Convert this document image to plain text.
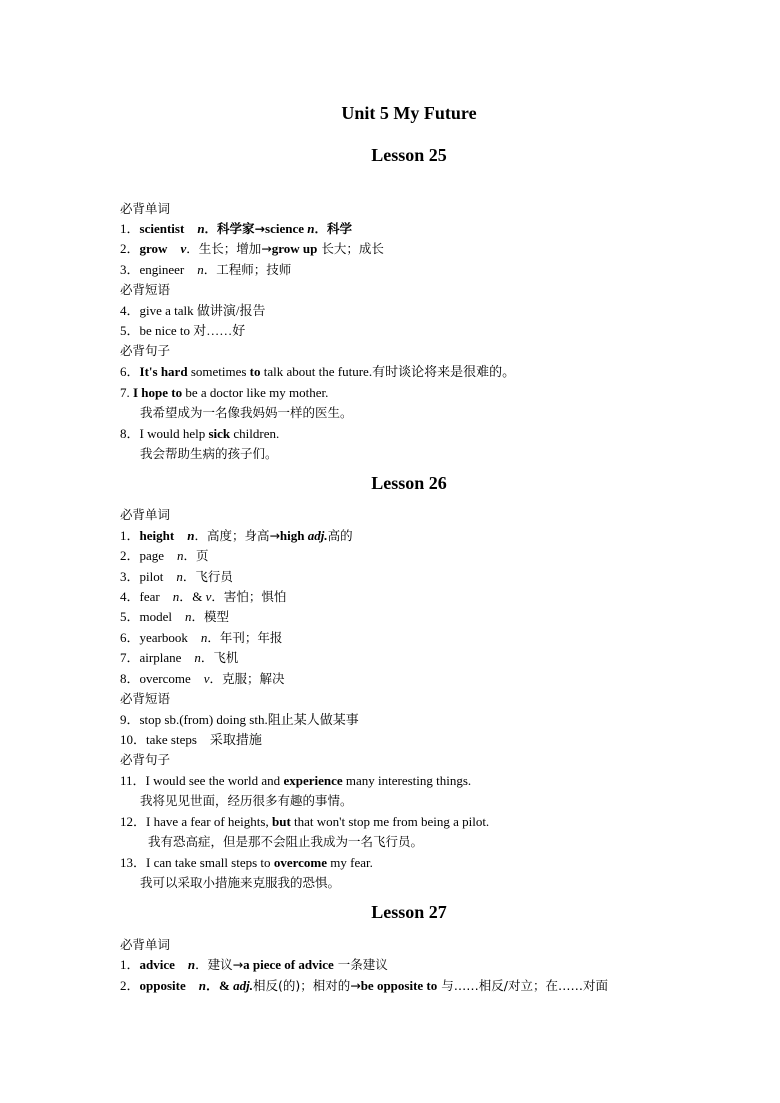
Unit 5 My Future
Lesson 25
必背单词
1．scientist　 n．科学家→science n．科学
2．grow　 v．生长；增加→grow up 长大；成长
3．engineer　n．工程师；技师
必背短语
4．give a talk 做讲演/报告
5．be nice to 对……好
必背句子
6．It's hard sometimes to talk about the future.有时谈论将来是很难的。
7. I hope to be a doctor like my mother.
我希望成为一名像我妈妈一样的医生。
8．I would help sick children.
我会帮助生病的孩子们。
Lesson 26
必背单词
1．height　 n．高度；身高→high adj.高的
2．page　n．页
3．pilot　n．飞行员
4．fear　n．& v．害怕；惧怕
5．model　n．模型
6．yearbook　n．年刊；年报
7．airplane　n．飞机
8．overcome　v．克服；解决
必背短语
9．stop sb.(from) doing sth.阻止某人做某事
10．take steps　采取措施
必背句子
11．I would see the world and experience many interesting things.
我将见见世面，经历很多有趣的事情。
12．I have a fear of heights, but that won't stop me from being a pilot.
我有恐高症，但是那不会阻止我成为一名飞行员。
13．I can take small steps to overcome my fear.
我可以采取小措施来克服我的恐惧。
Lesson 27
必背单词
1．advice　 n．建议→a piece of advice 一条建议
2．opposite　 n．& adj.相反(的)；相对的→be opposite to 与……相反/对立；在……对面
